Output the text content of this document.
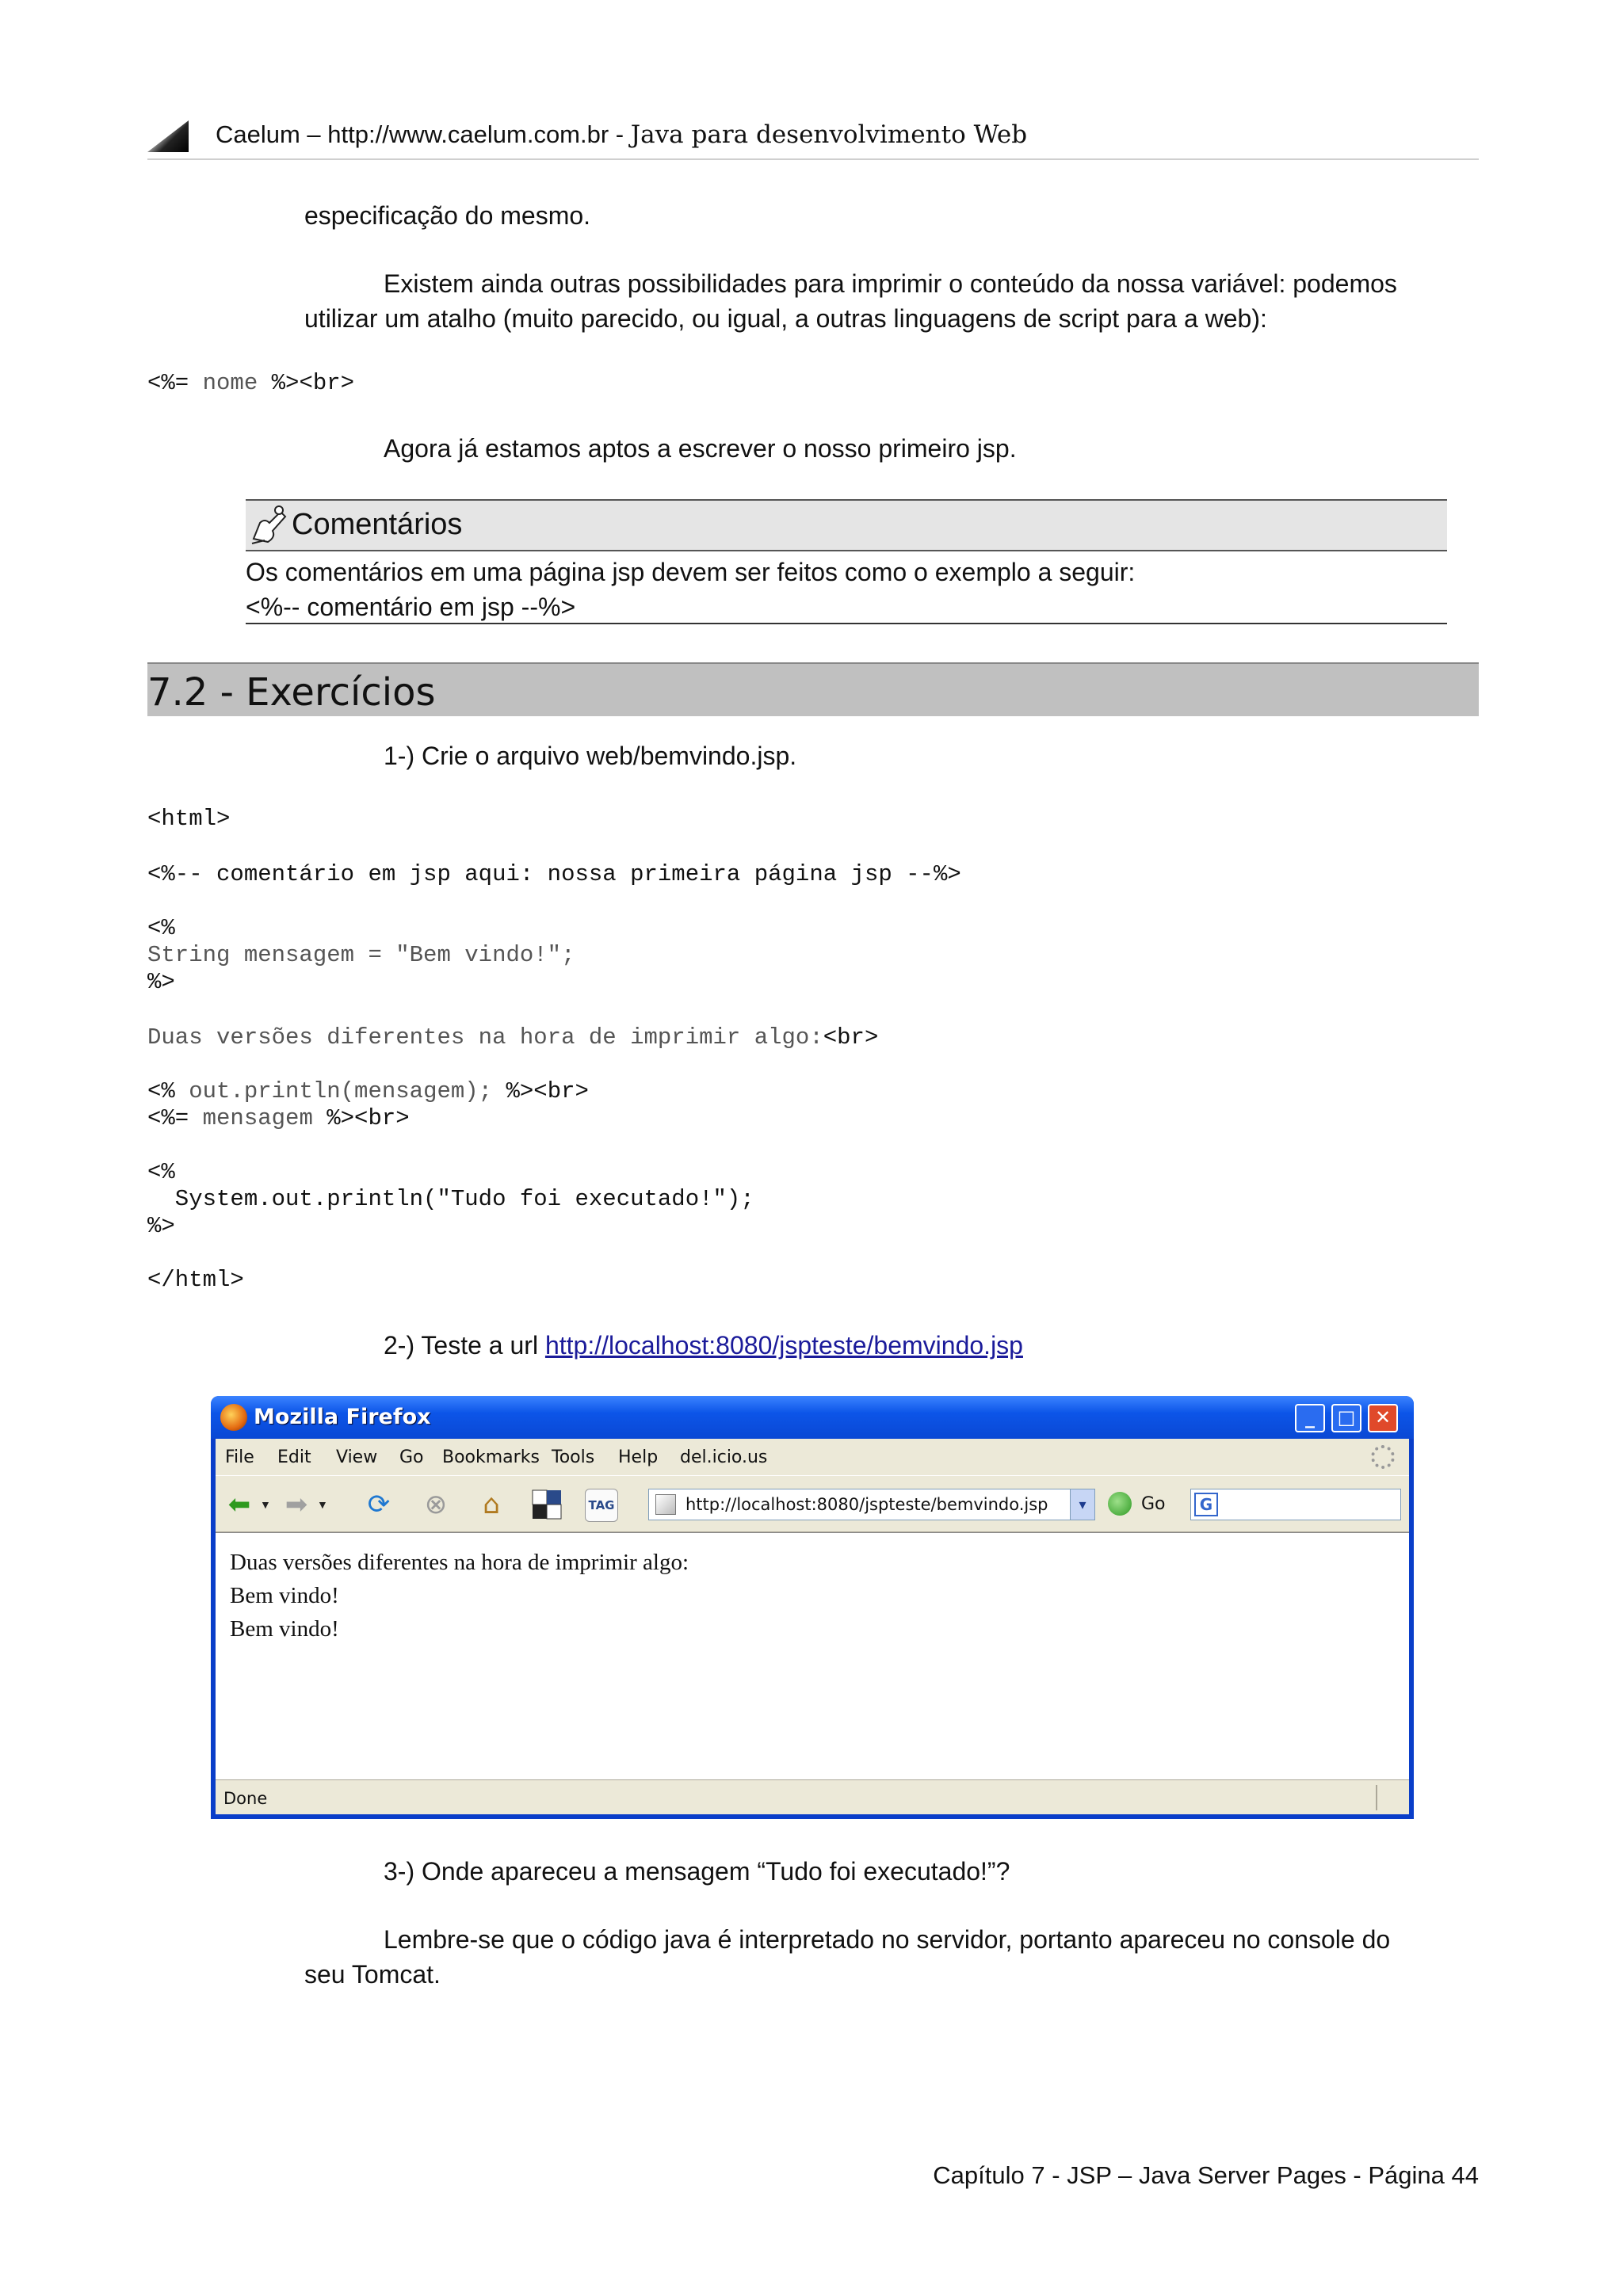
Caelum – http://www.caelum.com.br - Java para desenvolvimento Web
especificação do mesmo.
Existem ainda outras possibilidades para imprimir o conteúdo da nossa variável: podemos
utilizar um atalho (muito parecido, ou igual, a outras linguagens de script para a web):
<%= nome %><br>
Agora já estamos aptos a escrever o nosso primeiro jsp.
Comentários
Os comentários em uma página jsp devem ser feitos como o exemplo a seguir:
<%-- comentário em jsp --%>
7.2 - Exercícios
1-) Crie o arquivo web/bemvindo.jsp.
<html>
<%-- comentário em jsp aqui: nossa primeira página jsp --%>
<%
String mensagem = "Bem vindo!";
%>
Duas versões diferentes na hora de imprimir algo:<br>
<% out.println(mensagem); %><br>
<%= mensagem %><br>
<%
System.out.println("Tudo foi executado!");
%>
</html>
2-) Teste a url http://localhost:8080/jspteste/bemvindo.jsp
Mozilla Firefox	_	□	✕
File Edit View Go Bookmarks Tools Help del.icio.us
⬅ ▼ ➡ ▼ ⟳ ⊗	⌂	TAG	http://localhost:8080/jspteste/bemvindo.jsp	▾	Go	G
Duas versões diferentes na hora de imprimir algo:
Bem vindo!
Bem vindo!
Done
3-) Onde apareceu a mensagem “Tudo foi executado!”?
Lembre-se que o código java é interpretado no servidor, portanto apareceu no console do
seu Tomcat.
Capítulo 7 - JSP – Java Server Pages - Página 44
